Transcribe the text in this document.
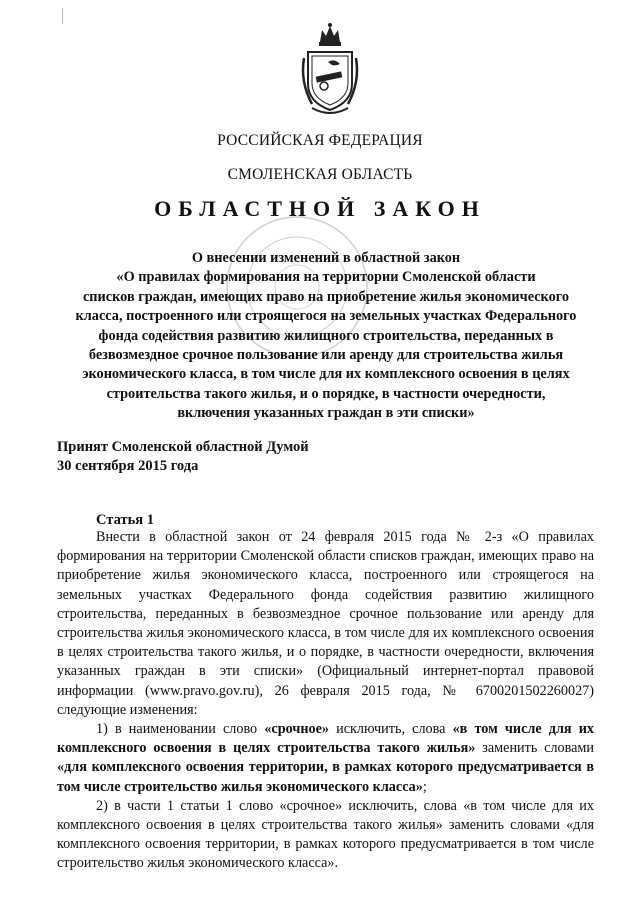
РОССИЙСКАЯ ФЕДЕРАЦИЯ
СМОЛЕНСКАЯ ОБЛАСТЬ
ОБЛАСТНОЙ ЗАКОН
О внесении изменений в областной закон
«О правилах формирования на территории Смоленской области
списков граждан, имеющих право на приобретение жилья экономического
класса, построенного или строящегося на земельных участках Федерального
фонда содействия развитию жилищного строительства, переданных в
безвозмездное срочное пользование или аренду для строительства жилья
экономического класса, в том числе для их комплексного освоения в целях
строительства такого жилья, и о порядке, в частности очередности,
включения указанных граждан в эти списки»
Принят Смоленской областной Думой
30 сентября 2015 года
Статья 1

Внести в областной закон от 24 февраля 2015 года № 2-з «О правилах формирования на территории Смоленской области списков граждан, имеющих право на приобретение жилья экономического класса, построенного или строящегося на земельных участках Федерального фонда содействия развитию жилищного строительства, переданных в безвозмездное срочное пользование или аренду для строительства жилья экономического класса, в том числе для их комплексного освоения в целях строительства такого жилья, и о порядке, в частности очередности, включения указанных граждан в эти списки» (Официальный интернет-портал правовой информации (www.pravo.gov.ru), 26 февраля 2015 года, № 6700201502260027) следующие изменения:

1) в наименовании слово «срочное» исключить, слова «в том числе для их комплексного освоения в целях строительства такого жилья» заменить словами «для комплексного освоения территории, в рамках которого предусматривается в том числе строительство жилья экономического класса»;

2) в части 1 статьи 1 слово «срочное» исключить, слова «в том числе для их комплексного освоения в целях строительства такого жилья» заменить словами «для комплексного освоения территории, в рамках которого предусматривается в том числе строительство жилья экономического класса».
